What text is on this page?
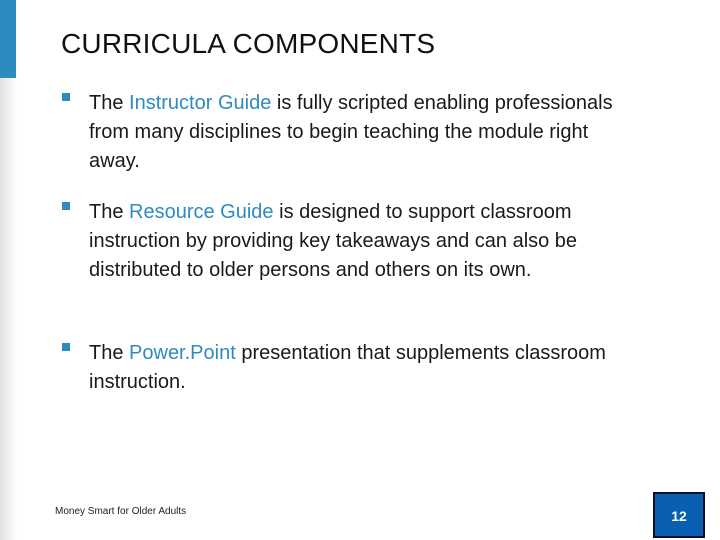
CURRICULA COMPONENTS
The Instructor Guide is fully scripted enabling professionals from many disciplines to begin teaching the module right away.
The Resource Guide is designed to support classroom instruction by providing key takeaways and can also be distributed to older persons and others on its own.
The Power.Point presentation that supplements classroom instruction.
Money Smart for Older Adults	12
